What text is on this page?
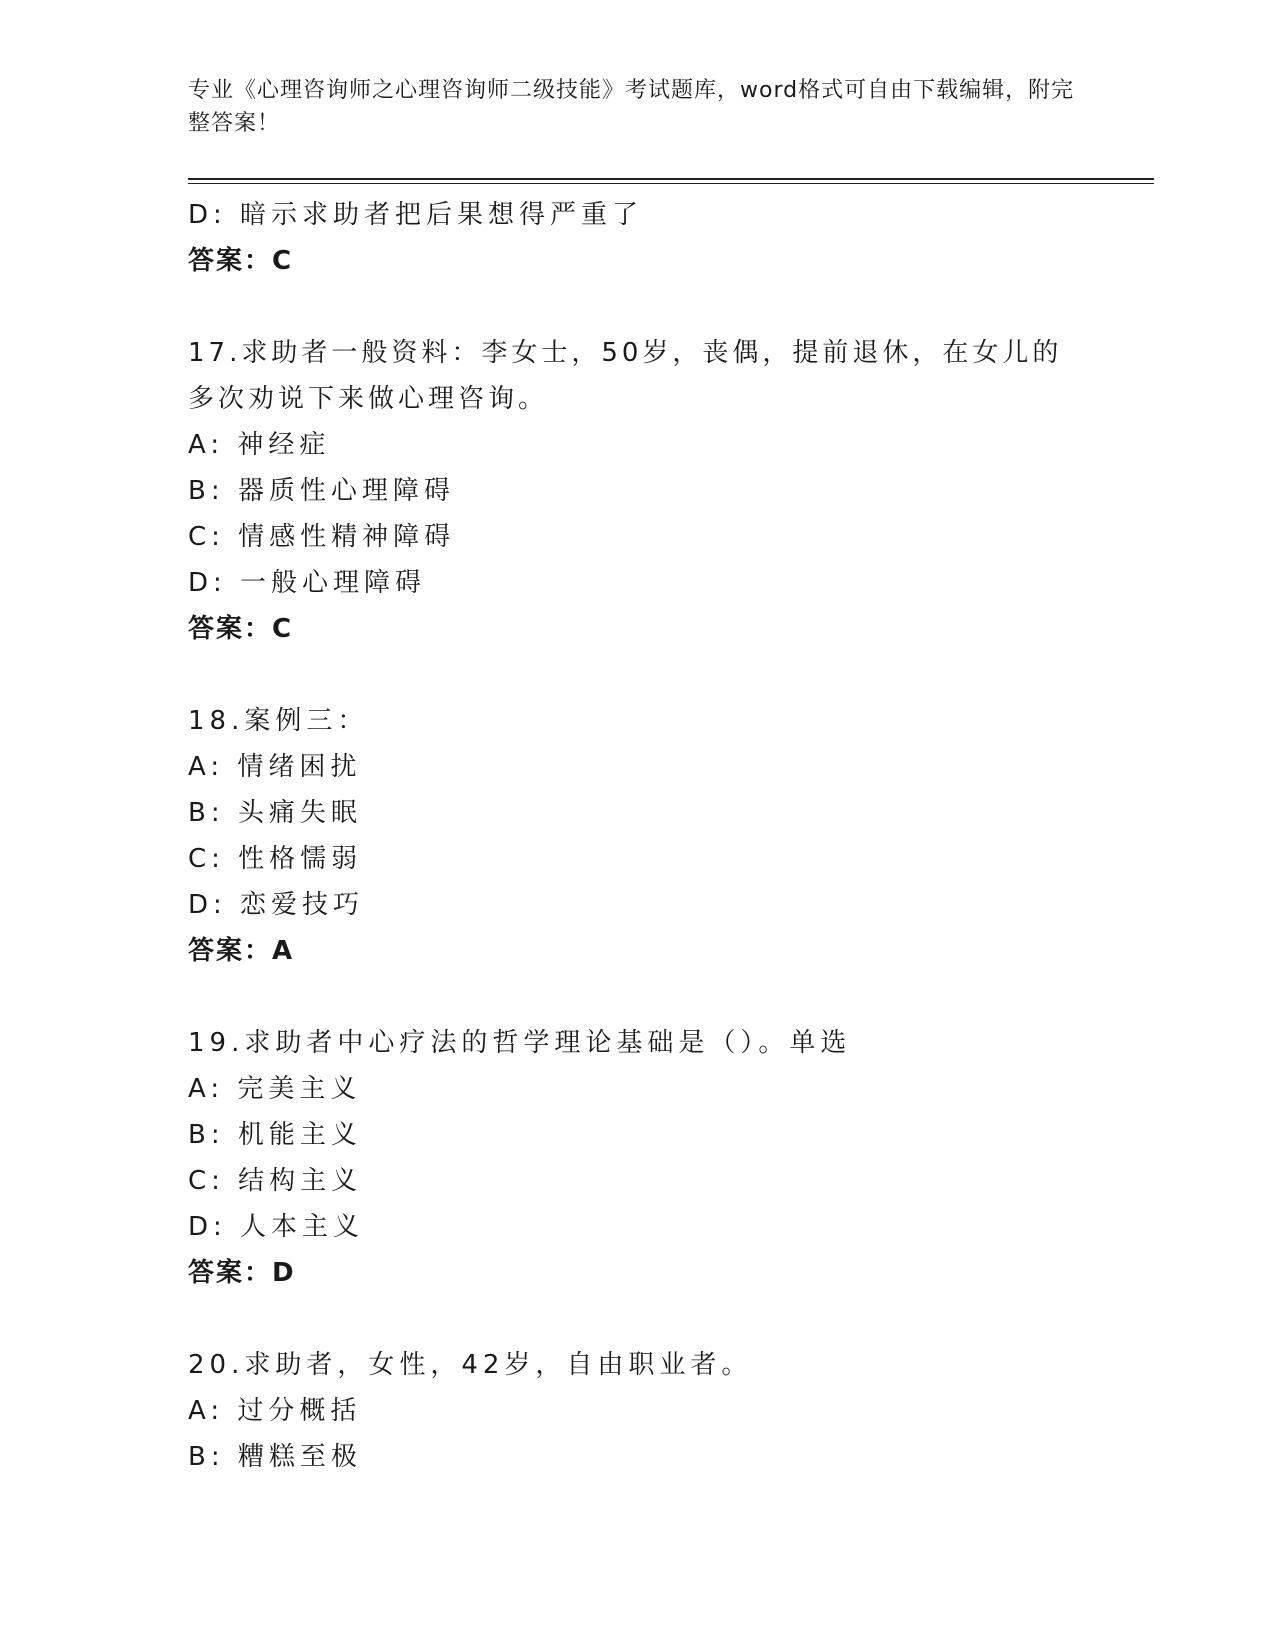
专业《心理咨询师之心理咨询师二级技能》考试题库，word格式可自由下载编辑，附完整答案！
D: 暗示求助者把后果想得严重了
答案：C
17.求助者一般资料：李女士，50岁，丧偶，提前退休，在女儿的多次劝说下来做心理咨询。
A: 神经症
B: 器质性心理障碍
C: 情感性精神障碍
D: 一般心理障碍
答案：C
18.案例三：
A: 情绪困扰
B: 头痛失眠
C: 性格懦弱
D: 恋爱技巧
答案：A
19.求助者中心疗法的哲学理论基础是（）。单选
A: 完美主义
B: 机能主义
C: 结构主义
D: 人本主义
答案：D
20.求助者，女性，42岁，自由职业者。
A: 过分概括
B: 糟糕至极
